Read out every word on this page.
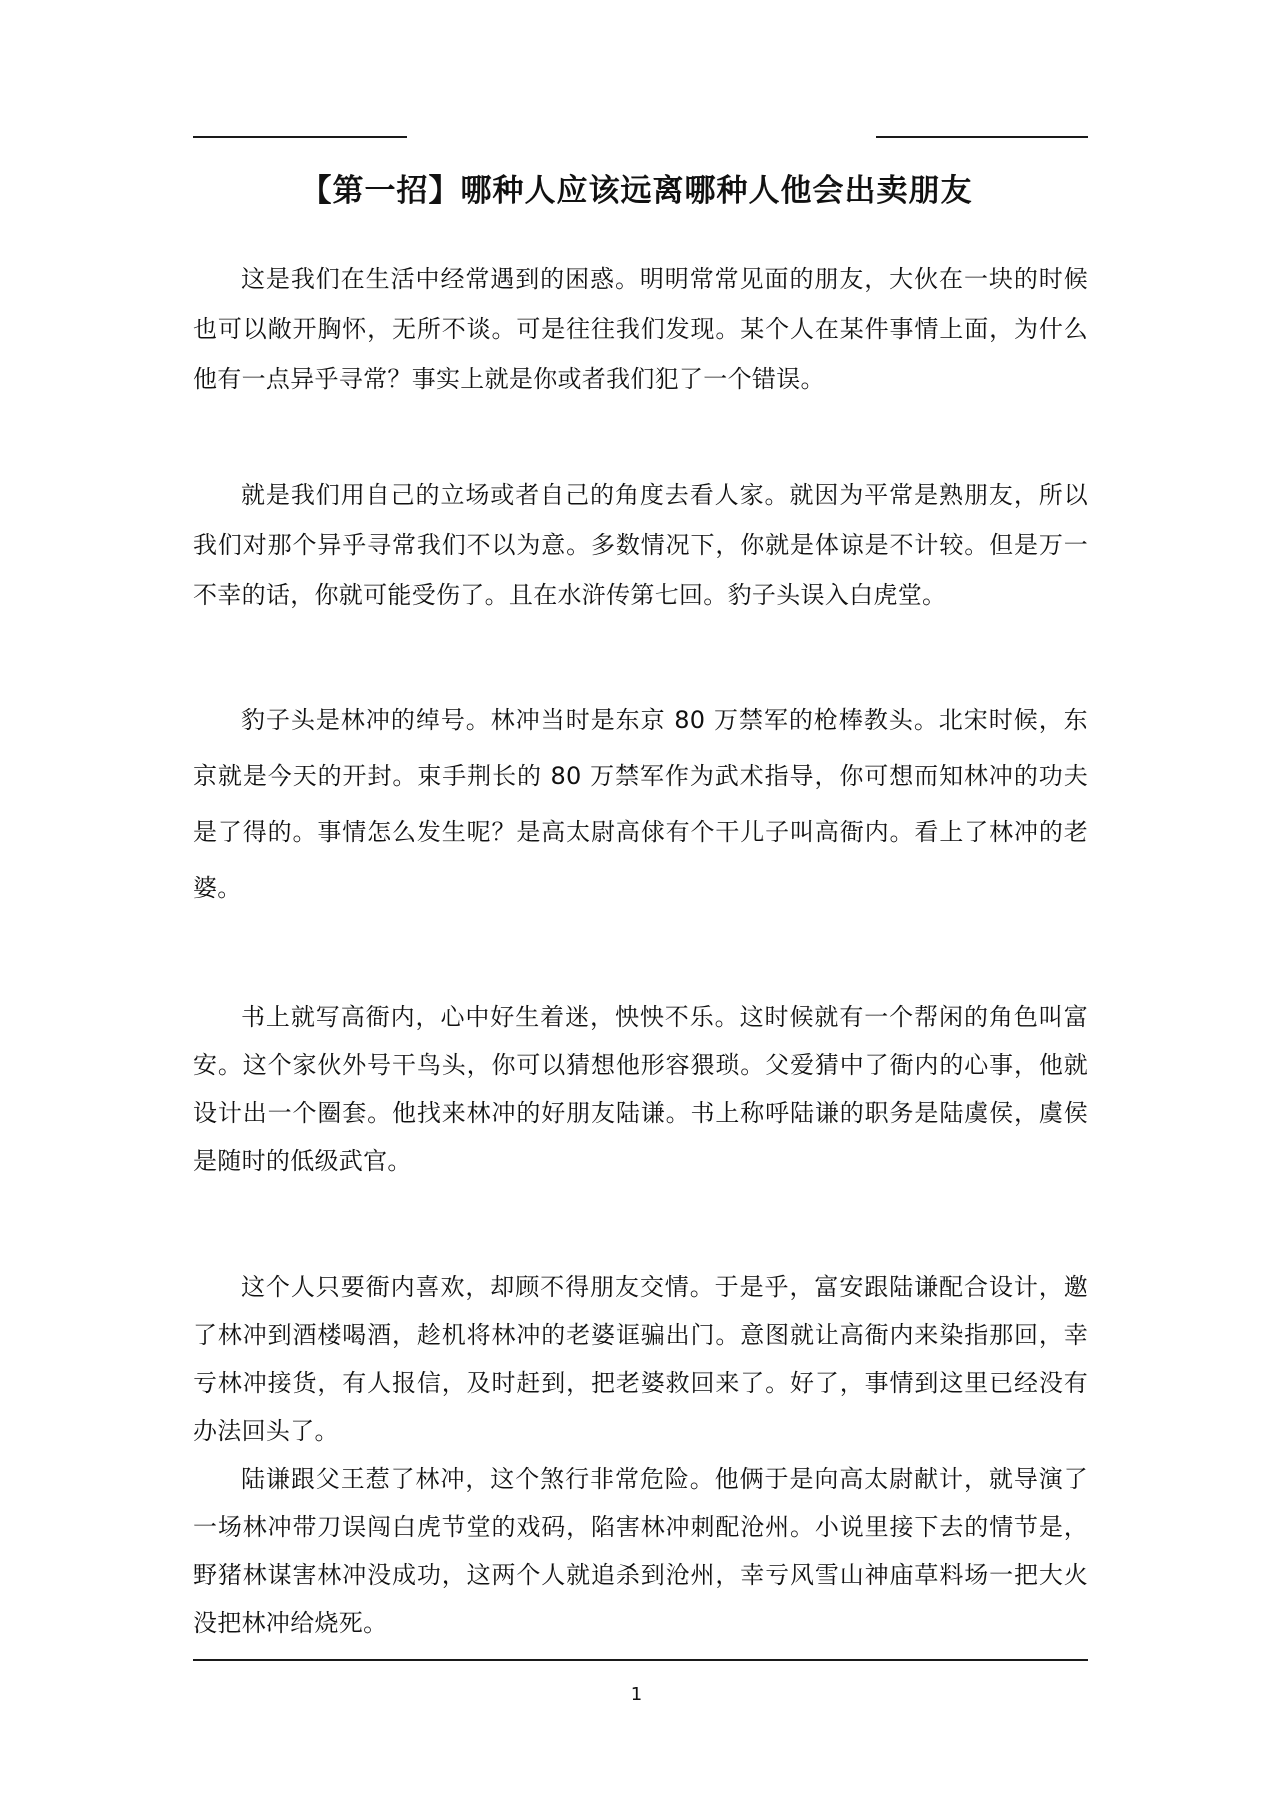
【第一招】哪种人应该远离哪种人他会出卖朋友

这是我们在生活中经常遇到的困惑。明明常常见面的朋友，大伙在一块的时候也可以敞开胸怀，无所不谈。可是往往我们发现。某个人在某件事情上面，为什么他有一点异乎寻常？事实上就是你或者我们犯了一个错误。

就是我们用自己的立场或者自己的角度去看人家。就因为平常是熟朋友，所以我们对那个异乎寻常我们不以为意。多数情况下，你就是体谅是不计较。但是万一不幸的话，你就可能受伤了。且在水浒传第七回。豹子头误入白虎堂。

豹子头是林冲的绰号。林冲当时是东京 80 万禁军的枪棒教头。北宋时候，东京就是今天的开封。束手荆长的 80 万禁军作为武术指导，你可想而知林冲的功夫是了得的。事情怎么发生呢？是高太尉高俅有个干儿子叫高衙内。看上了林冲的老婆。

书上就写高衙内，心中好生着迷，怏怏不乐。这时候就有一个帮闲的角色叫富安。这个家伙外号干鸟头，你可以猜想他形容猥琐。父爱猜中了衙内的心事，他就设计出一个圈套。他找来林冲的好朋友陆谦。书上称呼陆谦的职务是陆虞侯，虞侯是随时的低级武官。

这个人只要衙内喜欢，却顾不得朋友交情。于是乎，富安跟陆谦配合设计，邀了林冲到酒楼喝酒，趁机将林冲的老婆诓骗出门。意图就让高衙内来染指那回，幸亏林冲接货，有人报信，及时赶到，把老婆救回来了。好了，事情到这里已经没有办法回头了。

陆谦跟父王惹了林冲，这个煞行非常危险。他俩于是向高太尉献计，就导演了一场林冲带刀误闯白虎节堂的戏码，陷害林冲刺配沧州。小说里接下去的情节是，野猪林谋害林冲没成功，这两个人就追杀到沧州，幸亏风雪山神庙草料场一把大火没把林冲给烧死。

1
